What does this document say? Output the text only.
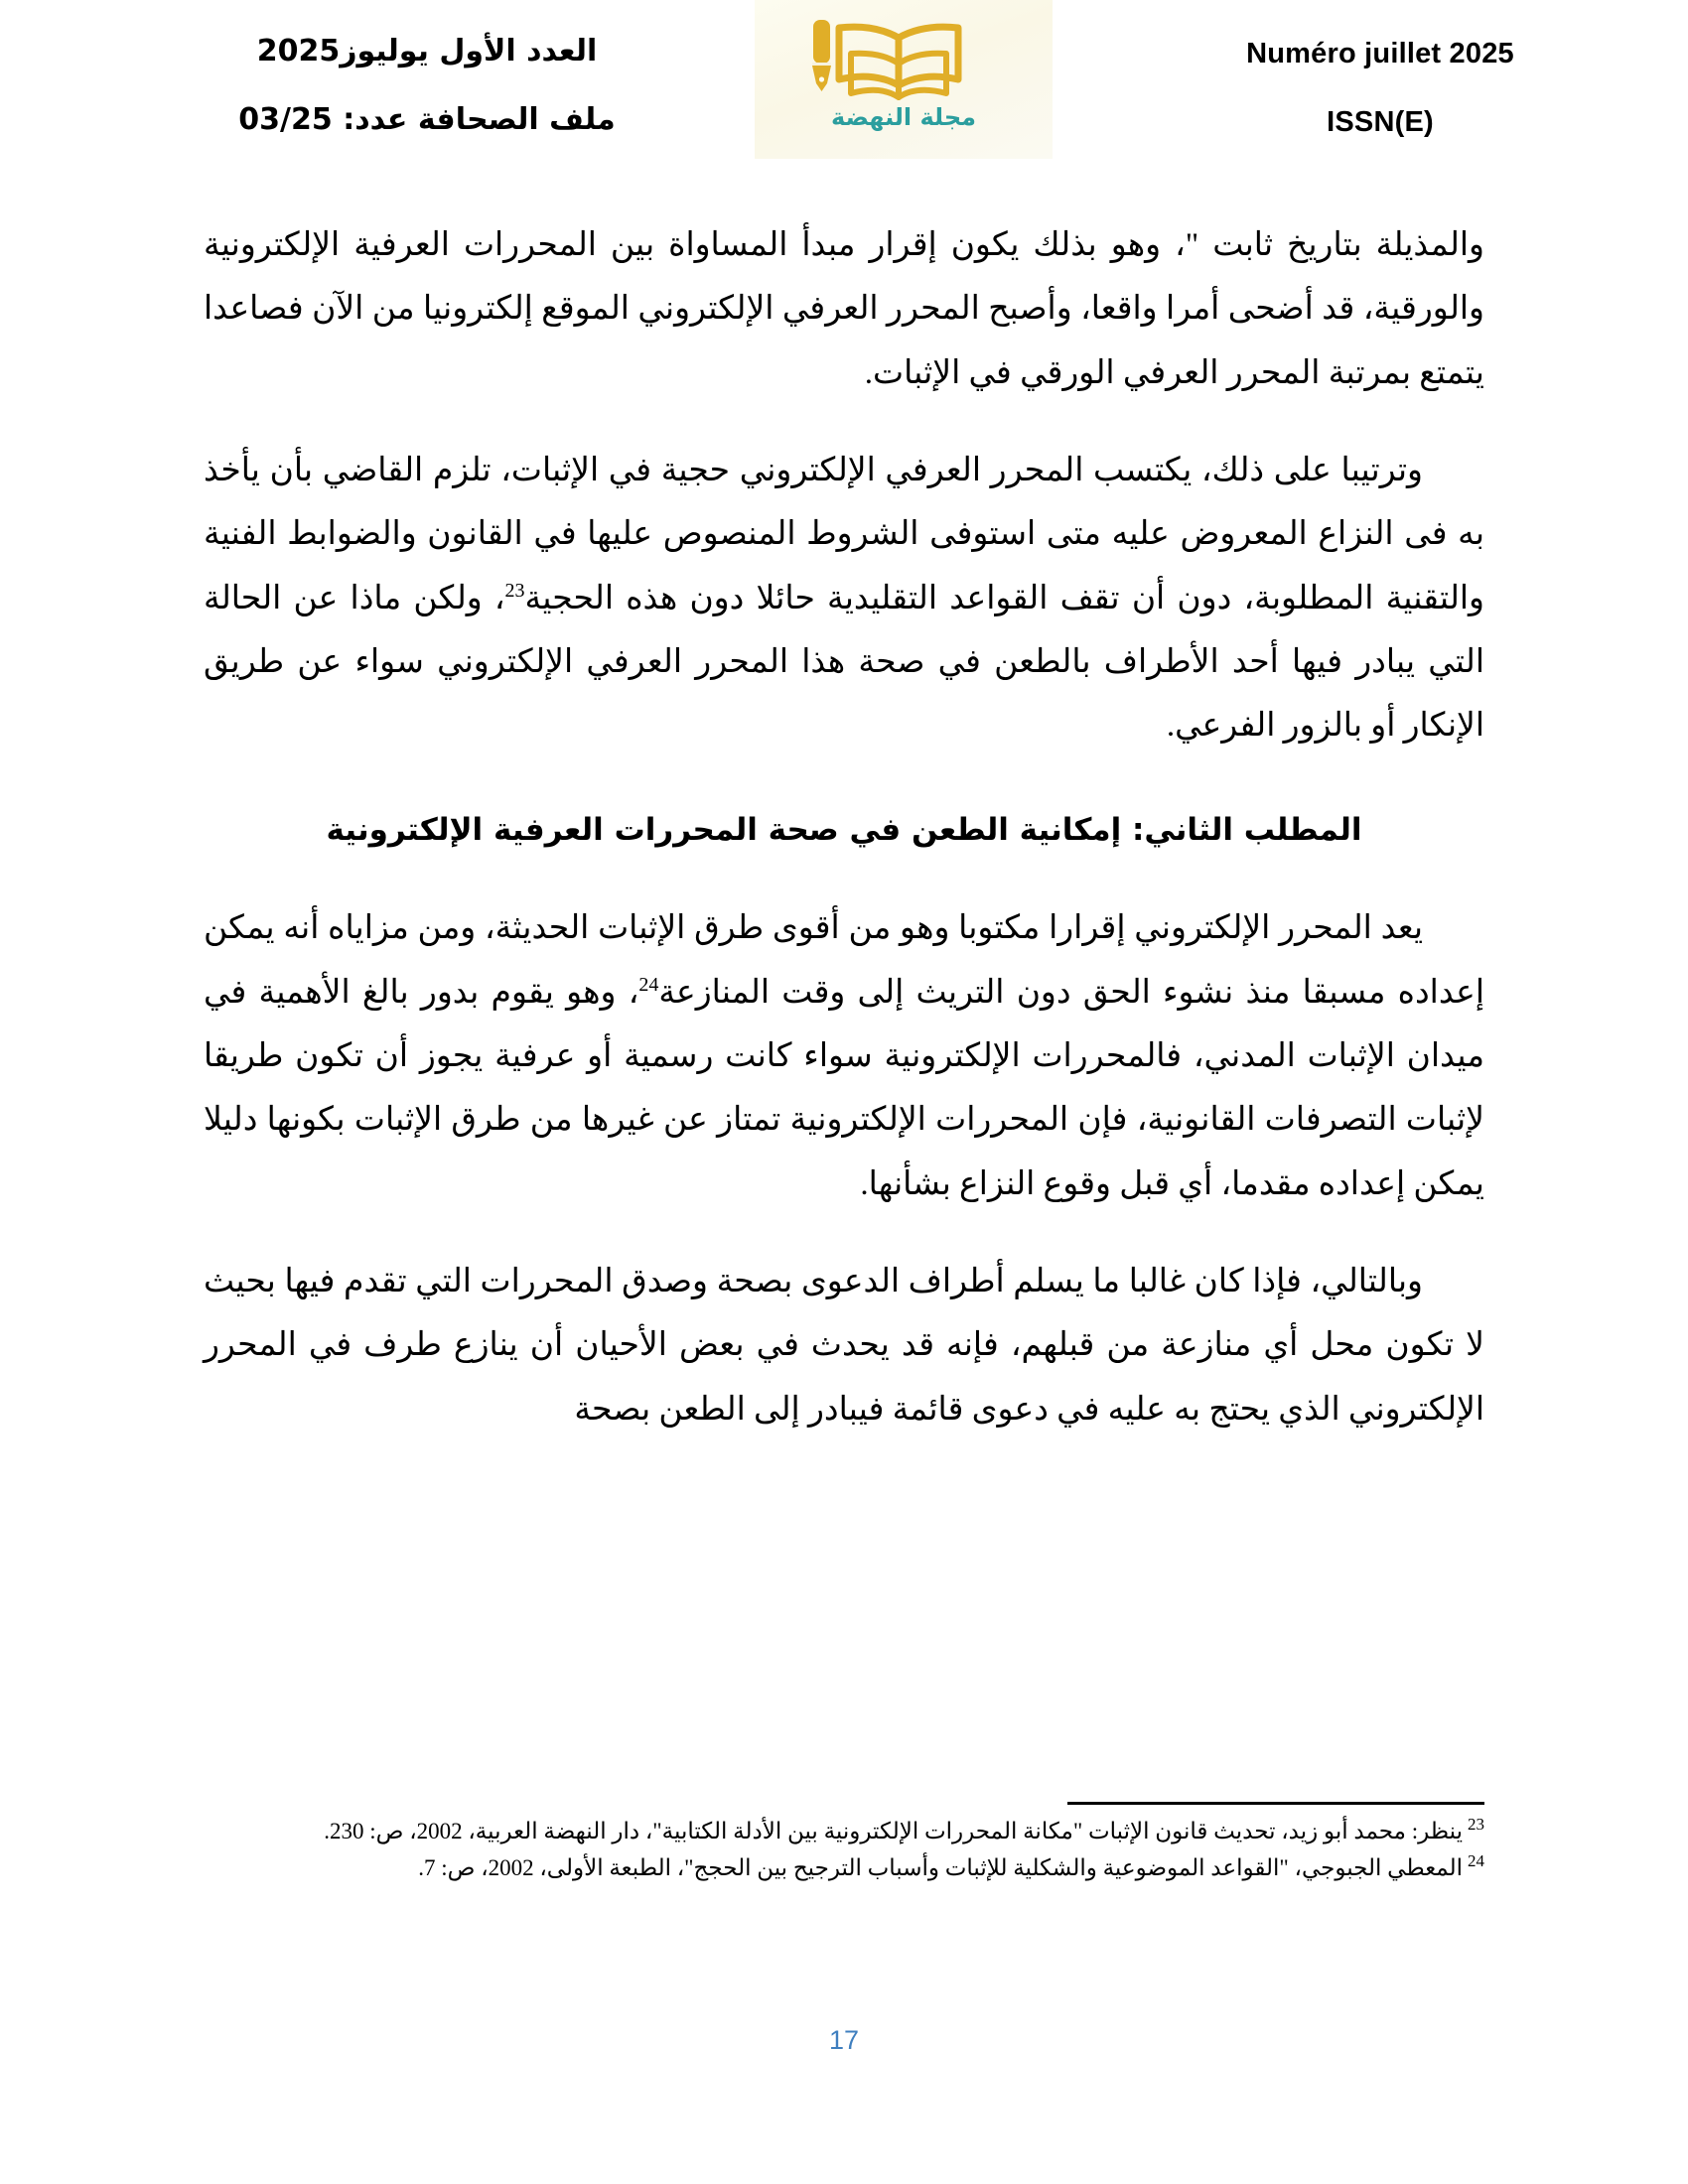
Numéro juillet 2025
ISSN(E)
مجلة النهضة
العدد الأول يوليوز2025
ملف الصحافة عدد: 03/25

والمذيلة بتاريخ ثابت "، وهو بذلك يكون إقرار مبدأ المساواة بين المحررات العرفية الإلكترونية والورقية، قد أضحى أمرا واقعا، وأصبح المحرر العرفي الإلكتروني الموقع إلكترونيا من الآن فصاعدا يتمتع بمرتبة المحرر العرفي الورقي في الإثبات.

وترتيبا على ذلك، يكتسب المحرر العرفي الإلكتروني حجية في الإثبات، تلزم القاضي بأن يأخذ به فى النزاع المعروض عليه متى استوفى الشروط المنصوص عليها في القانون والضوابط الفنية والتقنية المطلوبة، دون أن تقف القواعد التقليدية حائلا دون هذه الحجية$^{23}$، ولكن ماذا عن الحالة التي يبادر فيها أحد الأطراف بالطعن في صحة هذا المحرر العرفي الإلكتروني سواء عن طريق الإنكار أو بالزور الفرعي.

المطلب الثاني: إمكانية الطعن في صحة المحررات العرفية الإلكترونية

يعد المحرر الإلكتروني إقرارا مكتوبا وهو من أقوى طرق الإثبات الحديثة، ومن مزاياه أنه يمكن إعداده مسبقا منذ نشوء الحق دون التريث إلى وقت المنازعة$^{24}$، وهو يقوم بدور بالغ الأهمية في ميدان الإثبات المدني، فالمحررات الإلكترونية سواء كانت رسمية أو عرفية يجوز أن تكون طريقا لإثبات التصرفات القانونية، فإن المحررات الإلكترونية تمتاز عن غيرها من طرق الإثبات بكونها دليلا يمكن إعداده مقدما، أي قبل وقوع النزاع بشأنها.

وبالتالي، فإذا كان غالبا ما يسلم أطراف الدعوى بصحة وصدق المحررات التي تقدم فيها بحيث لا تكون محل أي منازعة من قبلهم، فإنه قد يحدث في بعض الأحيان أن ينازع طرف في المحرر الإلكتروني الذي يحتج به عليه في دعوى قائمة فيبادر إلى الطعن بصحة

$^{23}$ينظر: محمد أبو زيد، تحديث قانون الإثبات "مكانة المحررات الإلكترونية بين الأدلة الكتابية"، دار النهضة العربية، 2002، ص: 230.
$^{24}$المعطي الجبوجي، "القواعد الموضوعية والشكلية للإثبات وأسباب الترجيح بين الحجج"، الطبعة الأولى، 2002، ص: 7.
17
